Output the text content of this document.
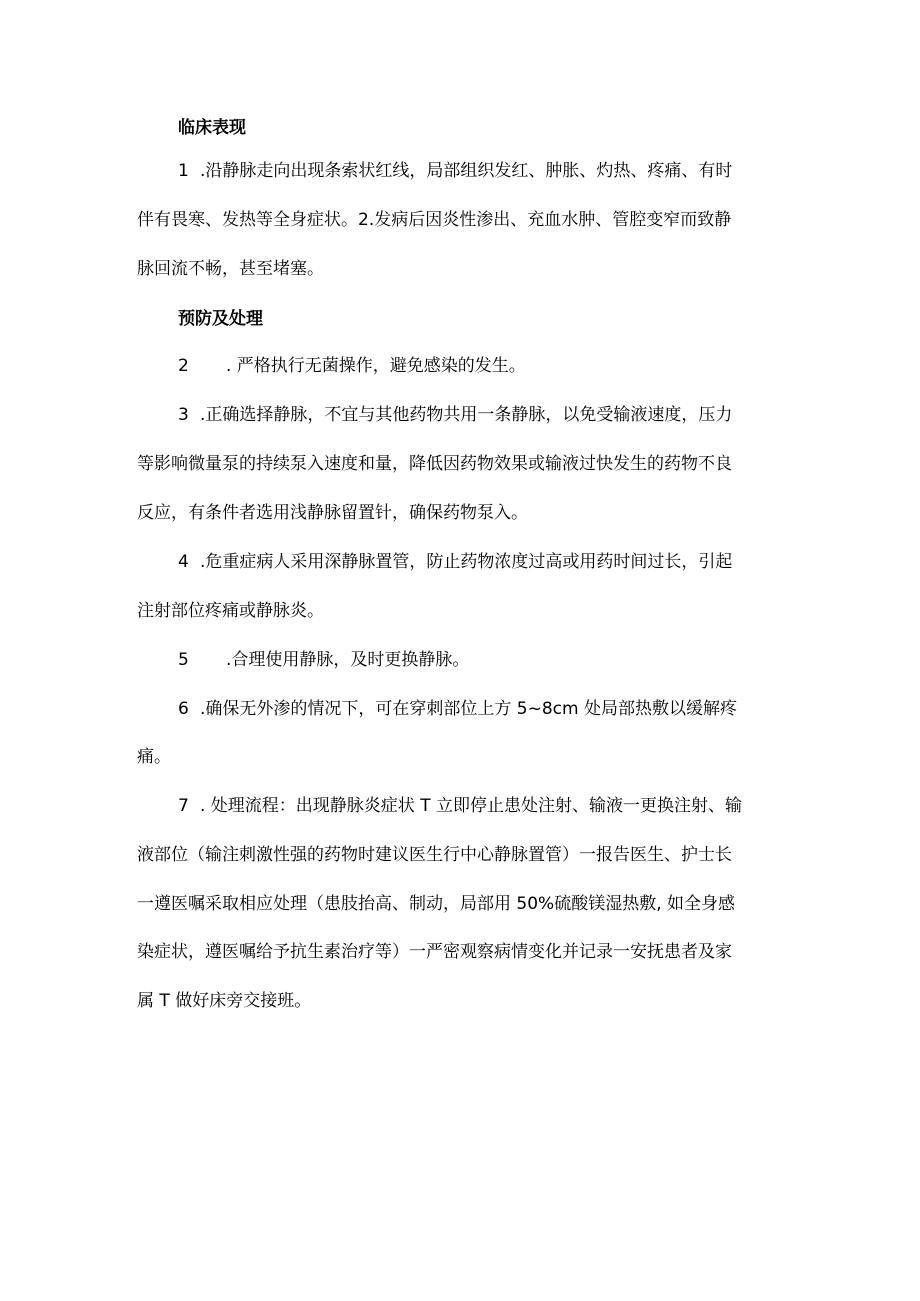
临床表现
1 .沿静脉走向出现条索状红线，局部组织发红、肿胀、灼热、疼痛、有时
伴有畏寒、发热等全身症状。2.发病后因炎性渗出、充血水肿、管腔变窄而致静
脉回流不畅，甚至堵塞。
预防及处理
2 . 严格执行无菌操作，避免感染的发生。
3 .正确选择静脉，不宜与其他药物共用一条静脉，以免受输液速度，压力
等影响微量泵的持续泵入速度和量，降低因药物效果或输液过快发生的药物不良
反应，有条件者选用浅静脉留置针，确保药物泵入。
4 .危重症病人采用深静脉置管，防止药物浓度过高或用药时间过长，引起
注射部位疼痛或静脉炎。
5 .合理使用静脉，及时更换静脉。
6 .确保无外渗的情况下，可在穿刺部位上方 5~8cm 处局部热敷以缓解疼
痛。
7 . 处理流程：出现静脉炎症状 T 立即停止患处注射、输液一更换注射、输
液部位（输注刺激性强的药物时建议医生行中心静脉置管）一报告医生、护士长
一遵医嘱采取相应处理（患肢抬高、制动，局部用 50%硫酸镁湿热敷, 如全身感
染症状，遵医嘱给予抗生素治疗等）一严密观察病情变化并记录一安抚患者及家
属 T 做好床旁交接班。
